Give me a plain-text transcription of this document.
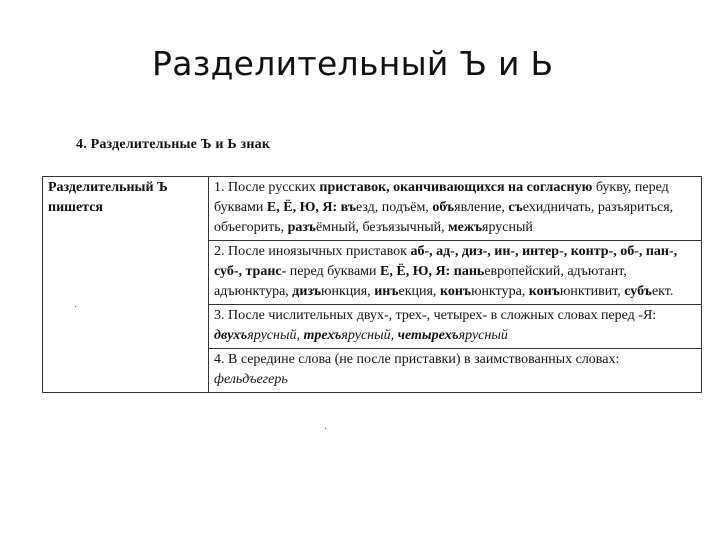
Разделительный Ъ и Ь
4. Разделительные Ъ и Ь знак
Разделительный Ъ пишется	1. После русских приставок, оканчивающихся на согласную букву, перед буквами Е, Ё, Ю, Я: въезд, подъём, объявление, съехидничать, разъяриться, объегорить, разъёмный, безъязычный, межъярусный
2. После иноязычных приставок аб-, ад-, диз-, ин-, интер-, контр-, об-, пан-, суб-, транс- перед буквами Е, Ё, Ю, Я: паньевропейский, адъютант, адъюнктура, дизъюнкция, инъекция, конъюнктура, конъюнктивит, субъект.
3. После числительных двух-, трех-, четырех- в сложных словах перед -Я:
двухъярусный, трехъярусный, четырехъярусный
4. В середине слова (не после приставки) в заимствованных словах:
фельдъегерь
·
·
